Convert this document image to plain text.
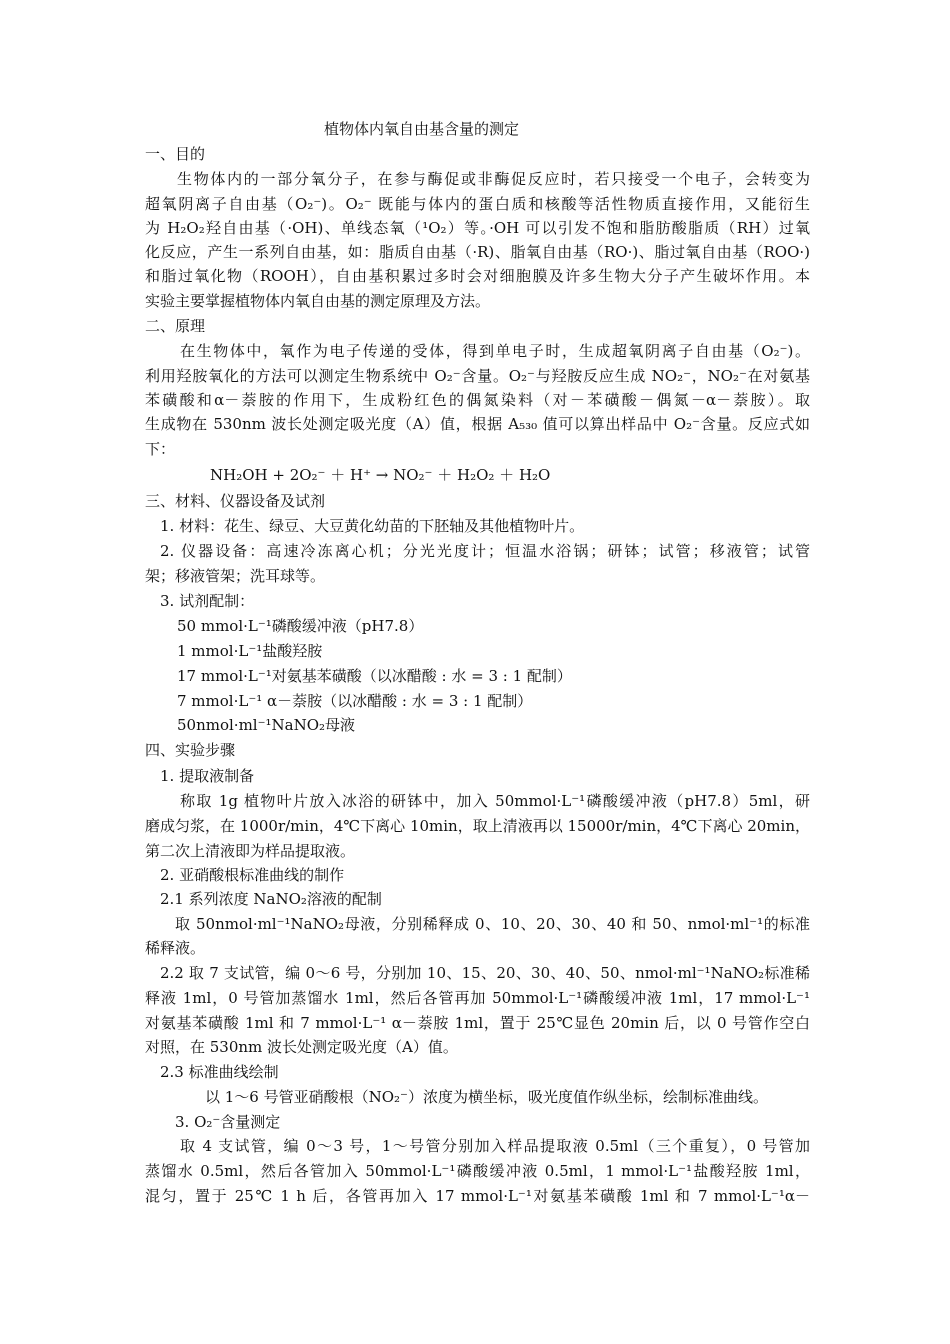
植物体内氧自由基含量的测定
一、目的
生物体内的一部分氧分子，在参与酶促或非酶促反应时，若只接受一个电子，会转变为
超氧阴离子自由基（O₂⁻)。O₂⁻ 既能与体内的蛋白质和核酸等活性物质直接作用，又能衍生
为 H₂O₂羟自由基（·OH)、单线态氧（¹O₂）等。·OH 可以引发不饱和脂肪酸脂质（RH）过氧
化反应，产生一系列自由基，如：脂质自由基（·R)、脂氧自由基（RO·)、脂过氧自由基（ROO·)
和脂过氧化物（ROOH），自由基积累过多时会对细胞膜及许多生物大分子产生破坏作用。本
实验主要掌握植物体内氧自由基的测定原理及方法。
二、原理
在生物体中，氧作为电子传递的受体，得到单电子时，生成超氧阴离子自由基（O₂⁻)。
利用羟胺氧化的方法可以测定生物系统中 O₂⁻含量。O₂⁻与羟胺反应生成 NO₂⁻，NO₂⁻在对氨基
苯磺酸和α－萘胺的作用下，生成粉红色的偶氮染料（对－苯磺酸－偶氮－α－萘胺）。取
生成物在 530nm 波长处测定吸光度（A）值，根据 A₅₃₀ 值可以算出样品中 O₂⁻含量。反应式如
下：
NH₂OH + 2O₂⁻ ＋ H⁺ → NO₂⁻ ＋ H₂O₂ ＋ H₂O
三、材料、仪器设备及试剂
1. 材料：花生、绿豆、大豆黄化幼苗的下胚轴及其他植物叶片。
2. 仪器设备：高速冷冻离心机；分光光度计；恒温水浴锅；研钵；试管；移液管；试管
架；移液管架；洗耳球等。
3. 试剂配制：
50 mmol·L⁻¹磷酸缓冲液（pH7.8）
1 mmol·L⁻¹盐酸羟胺
17 mmol·L⁻¹对氨基苯磺酸（以冰醋酸 : 水 = 3 : 1 配制）
7 mmol·L⁻¹ α－萘胺（以冰醋酸 : 水 = 3 : 1 配制）
50nmol·ml⁻¹NaNO₂母液
四、实验步骤
1. 提取液制备
称取 1g 植物叶片放入冰浴的研钵中，加入 50mmol·L⁻¹磷酸缓冲液（pH7.8）5ml，研
磨成匀浆，在 1000r/min，4℃下离心 10min，取上清液再以 15000r/min，4℃下离心 20min，
第二次上清液即为样品提取液。
2. 亚硝酸根标准曲线的制作
2.1 系列浓度 NaNO₂溶液的配制
取 50nmol·ml⁻¹NaNO₂母液，分别稀释成 0、10、20、30、40 和 50、nmol·ml⁻¹的标准
稀释液。
2.2 取 7 支试管，编 0～6 号，分别加 10、15、20、30、40、50、nmol·ml⁻¹NaNO₂标准稀
释液 1ml，0 号管加蒸馏水 1ml，然后各管再加 50mmol·L⁻¹磷酸缓冲液 1ml，17 mmol·L⁻¹
对氨基苯磺酸 1ml 和 7 mmol·L⁻¹ α－萘胺 1ml，置于 25℃显色 20min 后，以 0 号管作空白
对照，在 530nm 波长处测定吸光度（A）值。
2.3 标准曲线绘制
以 1～6 号管亚硝酸根（NO₂⁻）浓度为横坐标，吸光度值作纵坐标，绘制标准曲线。
3. O₂⁻含量测定
取 4 支试管，编 0～3 号，1～号管分别加入样品提取液 0.5ml（三个重复），0 号管加
蒸馏水 0.5ml，然后各管加入 50mmol·L⁻¹磷酸缓冲液 0.5ml，1 mmol·L⁻¹盐酸羟胺 1ml，
混匀，置于 25℃ 1 h 后，各管再加入 17 mmol·L⁻¹对氨基苯磺酸 1ml 和 7 mmol·L⁻¹α－
